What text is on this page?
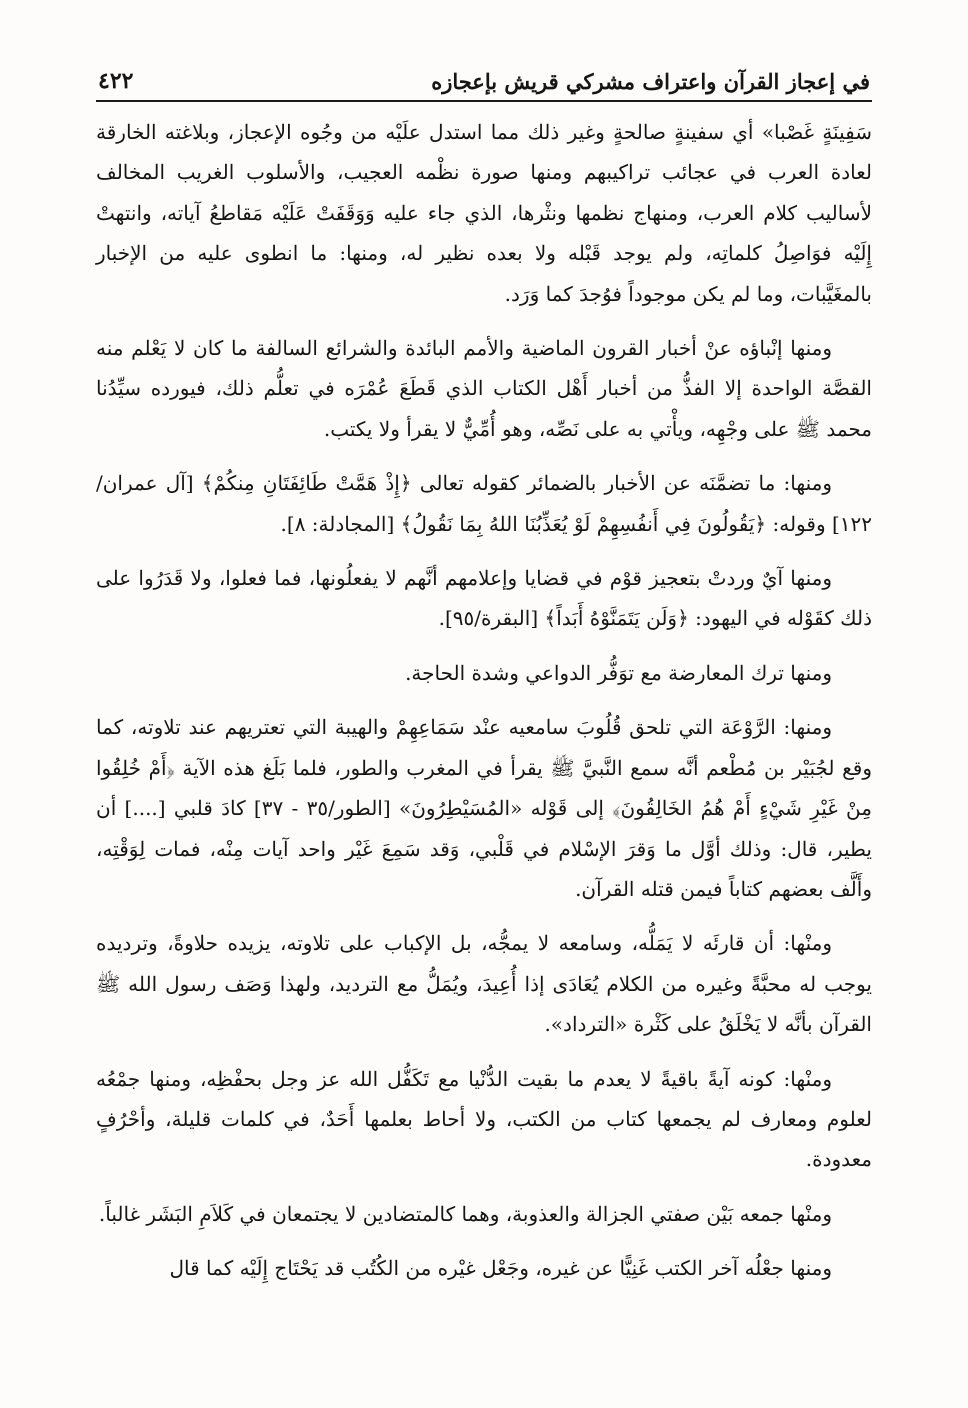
في إعجاز القرآن واعتراف مشركي قريش بإعجازه
٤٢٢

سَفِينَةٍ غَصْبا» أي سفينةٍ صالحةٍ وغير ذلك مما استدل علَيْه من وجُوه الإعجاز، وبلاغته الخارقة لعادة العرب في عجائب تراكيبهم ومنها صورة نظْمه العجيب، والأسلوب الغريب المخالف لأساليب كلام العرب، ومنهاج نظمها ونثْرها، الذي جاء عليه وَوَقَفَتْ عَلَيْه مَقاطعُ آياته، وانتهتْ إِلَيْه فوَاصِلُ كلماتِه، ولم يوجد قَبْله ولا بعده نظير له، ومنها: ما انطوى عليه من الإخبار بالمغَيَّبات، وما لم يكن موجوداً فوُجدَ كما وَرَد.

ومنها إنْباؤه عنْ أخبار القرون الماضية والأمم البائدة والشرائع السالفة ما كان لا يَعْلم منه القصَّة الواحدة إلا الفذُّ من أخبار أَهْل الكتاب الذي قَطَعَ عُمْرَه في تعلُّم ذلك، فيورده سيِّدُنا محمد ﷺ على وجْهِه، ويأْتي به على نَصِّه، وهو أُمِّيٌّ لا يقرأ ولا يكتب.

ومنها: ما تضمَّنَه عن الأخبار بالضمائر كقوله تعالى ﴿إِذْ هَمَّتْ طَائِفَتَانِ مِنكُمْ﴾ [آل عمران/١٢٢] وقوله: ﴿يَقُولُونَ فِي أَنفُسِهِمْ لَوْ يُعَذِّبُنَا اللهُ بِمَا نَقُولُ﴾ [المجادلة: ٨].

ومنها آيٌ وردتْ بتعجيز قوْم في قضايا وإعلامهم أنَّهم لا يفعلُونها، فما فعلوا، ولا قَدَرُوا على ذلك كقَوْله في اليهود: ﴿وَلَن يَتَمَنَّوْهُ أَبَداً﴾ [البقرة/٩٥].

ومنها ترك المعارضة مع توَفُّر الدواعي وشدة الحاجة.

ومنها: الرَّوْعَة التي تلحق قُلُوبَ سامعيه عنْد سَمَاعِهِمْ والهيبة التي تعتريهم عند تلاوته، كما وقع لجُبَيْر بن مُطْعم أنَّه سمع النَّبيَّ ﷺ يقرأ في المغرب والطور، فلما بَلَغ هذه الآية ﴿أَمْ خُلِقُوا مِنْ غَيْرِ شَيْءٍ أَمْ هُمُ الخَالِقُونَ﴾ إلى قَوْله «المُسَيْطِرُونَ» [الطور/٣٥ - ٣٧] كادَ قلبي [....] أن يطير، قال: وذلك أوَّل ما وَقرَ الإسْلام في قَلْبي، وَقد سَمِعَ غَيْر واحد آيات مِنْه، فمات لِوَقْتِه، وأَلَّف بعضهم كتاباً فيمن قتله القرآن.

ومنْها: أن قارئَه لا يَمَلُّه، وسامعه لا يمجُّه، بل الإكباب على تلاوته، يزيده حلاوةً، وترديده يوجب له محبَّةً وغيره من الكلام يُعَادَى إذا أُعِيدَ، ويُمَلُّ مع الترديد، ولهذا وَصَف رسول الله ﷺ القرآن بأنَّه لا يَخْلَقُ على كَثْرة «الترداد».

ومنْها: كونه آيةً باقيةً لا يعدم ما بقيت الدُّنْيا مع تَكَفُّل الله عز وجل بحفْظِه، ومنها جمْعُه لعلوم ومعارف لم يجمعها كتاب من الكتب، ولا أحاط بعلمها أَحَدٌ، في كلمات قليلة، وأحْرُفٍ معدودة.

ومنْها جمعه بَيْن صفتي الجزالة والعذوبة، وهما كالمتضادين لا يجتمعان في كَلاَمِ البَشَر غالباً.

ومنها جعْلُه آخر الكتب غَنِيًّا عن غيره، وجَعْل غيْره من الكُتُب قد يَحْتَاج إِلَيْه كما قال
